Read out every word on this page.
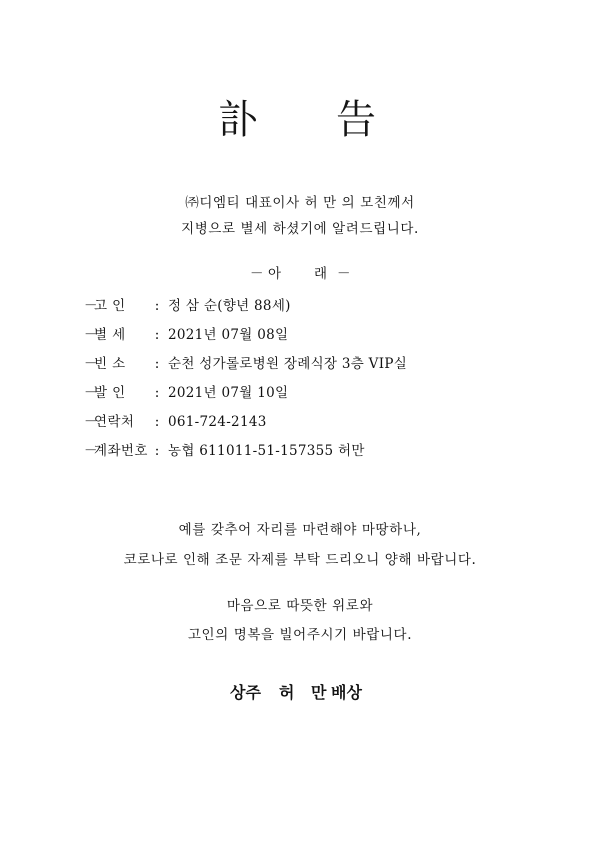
訃 告
㈜디엠티 대표이사 허 만 의 모친께서
지병으로 별세 하셨기에 알려드립니다.
－ 아 래 －
－
고 인	: 정 삼 순(향년 88세)
－
별 세	: 2021년 07월 08일
－
빈 소	: 순천 성가롤로병원 장례식장 3층 VIP실
－
발 인	: 2021년 07월 10일
－
연락처	: 061-724-2143
－
계좌번호 : 농협 611011-51-157355 허만
예를 갖추어 자리를 마련해야 마땅하나,
코로나로 인해 조문 자제를 부탁 드리오니 양해 바랍니다.
마음으로 따뜻한 위로와
고인의 명복을 빌어주시기 바랍니다.
상주 허 만 배상
